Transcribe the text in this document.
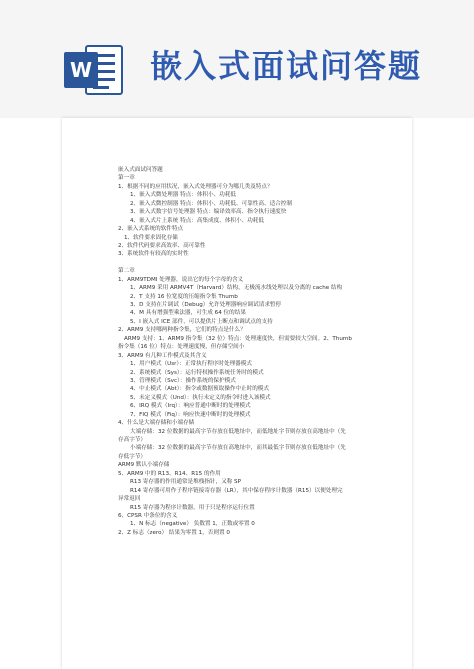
W 嵌入式面试问答题
嵌入式面试问答题
第一章
1、根据不同的应用状况，嵌入式处理器可分为哪几类及特点？
1、嵌入式微处理器 特点：体积小、功耗低
2、嵌入式微控制器 特点：体积小、功耗低、可靠性高、适合控制
3、嵌入式数字信号处理器 特点：编译效率高、指令执行速度快
4、嵌入式片上系统 特点：高集成度、体积小、功耗低
2、嵌入式系统的软件特点
1、软件要求固化存储
2、软件代码要求高效率、高可靠性
3、系统软件有较高的实时性
第二章
1、ARM9TDMI 处理器，说出它的每个字母的含义
1、ARM9 采用 ARMV4T（Harvard）结构，无极流水线处理以及分离的 cache 结构
2、T 支持 16 位宽度的压缩指令集 Thumb
3、D 支持在片调试（Debug）允许处理器响应调试请求暂停
4、M 具有增强型乘法器，可生成 64 位的结果
5、I 嵌入式 ICE 部件，可以提供片上断点和调试点的支持
2、ARM9 支持哪两种指令集，它们的特点是什么？
ARM9 支持：1、ARM9 指令集（32 位）特点：处理速度快，但需要较大空间。2、Thumb
指令集（16 位）特点：处理速度慢，但存储空间小
3、ARM9 有几种工作模式及其含义
1、用户模式（Usr）：正常执行程序时处理器模式
2、系统模式（Sys）：运行特权操作系统任务时的模式
3、管理模式（Svc）：操作系统的保护模式
4、中止模式（Abt）：指令或数据预取操作中止时的模式
5、未定义模式（Und）：执行未定义的指令时进入该模式
6、IRQ 模式（Irq）：响应普通中断时的处理模式
7、FIQ 模式（Fiq）：响应快速中断时的处理模式
4、什么是大端存储和小端存储
大端存储：32 位数据的最高字节存放在低地址中，而低地址字节则存放在高地址中（先
存高字节）
小端存储：32 位数据的最高字节存放在高地址中，而其最低字节则存放在低地址中（先
存低字节）
ARM9 默认小端存储
5、ARM9 中的 R13、R14、R15 的作用
R13 寄存器的作用通常是堆栈指针，又称 SP
R14 寄存器可用作子程序链接寄存器（LR），其中保存程序计数器（R15）以便处理完
异常返回
R15 寄存器为程序计数器，用于只是程序运行位置
6、CPSR 中条位的含义
1、N 标志（negative） 负数置 1，正数或零置 0
2、Z 标志（zero） 结果为零置 1，否则置 0
